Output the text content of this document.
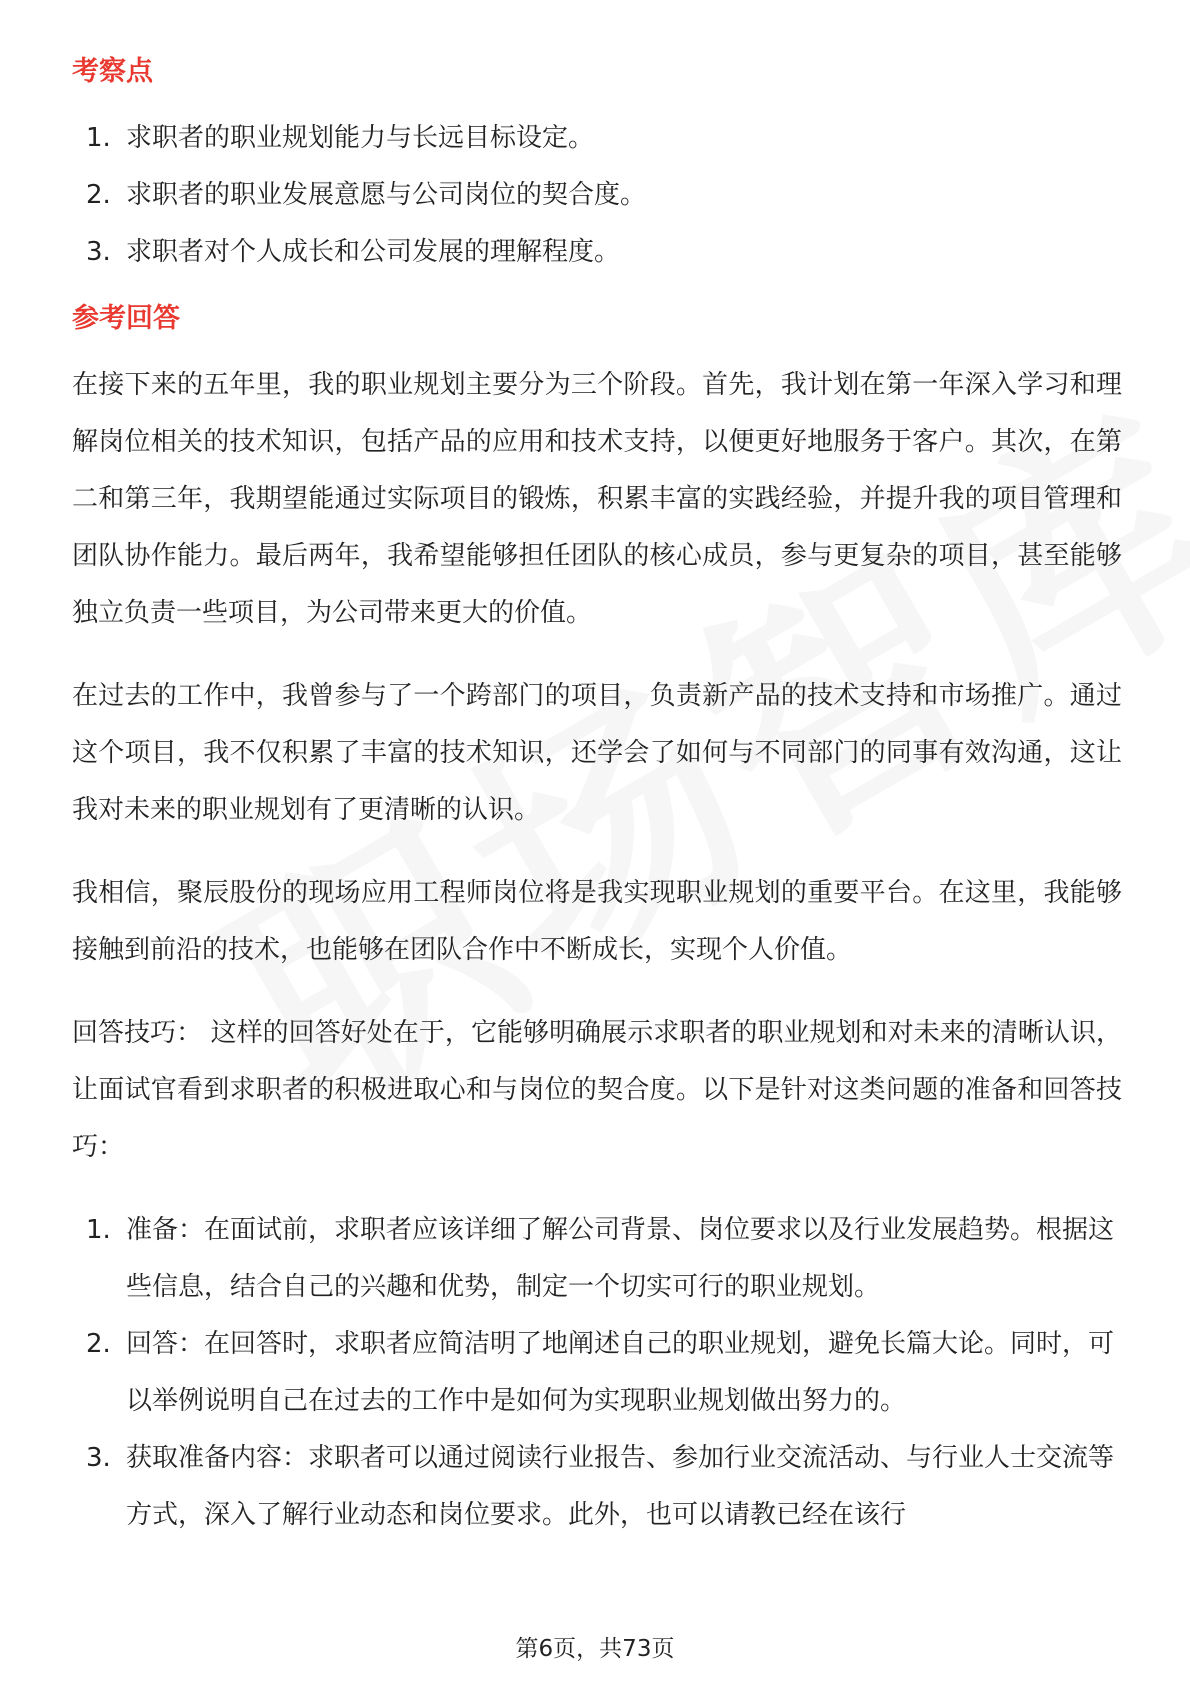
考察点
1. 求职者的职业规划能力与长远目标设定。
2. 求职者的职业发展意愿与公司岗位的契合度。
3. 求职者对个人成长和公司发展的理解程度。
参考回答

在接下来的五年里，我的职业规划主要分为三个阶段。首先，我计划在第一年深入学习和理解岗位相关的技术知识，包括产品的应用和技术支持，以便更好地服务于客户。其次，在第二和第三年，我期望能通过实际项目的锻炼，积累丰富的实践经验，并提升我的项目管理和团队协作能力。最后两年，我希望能够担任团队的核心成员，参与更复杂的项目，甚至能够独立负责一些项目，为公司带来更大的价值。

在过去的工作中，我曾参与了一个跨部门的项目，负责新产品的技术支持和市场推广。通过这个项目，我不仅积累了丰富的技术知识，还学会了如何与不同部门的同事有效沟通，这让我对未来的职业规划有了更清晰的认识。

我相信，聚辰股份的现场应用工程师岗位将是我实现职业规划的重要平台。在这里，我能够接触到前沿的技术，也能够在团队合作中不断成长，实现个人价值。

回答技巧： 这样的回答好处在于，它能够明确展示求职者的职业规划和对未来的清晰认识，让面试官看到求职者的积极进取心和与岗位的契合度。以下是针对这类问题的准备和回答技巧：

1. 准备：在面试前，求职者应该详细了解公司背景、岗位要求以及行业发展趋势。根据这些信息，结合自己的兴趣和优势，制定一个切实可行的职业规划。
2. 回答：在回答时，求职者应简洁明了地阐述自己的职业规划，避免长篇大论。同时，可以举例说明自己在过去的工作中是如何为实现职业规划做出努力的。
3. 获取准备内容：求职者可以通过阅读行业报告、参加行业交流活动、与行业人士交流等方式，深入了解行业动态和岗位要求。此外，也可以请教已经在该行
第6页，共73页
